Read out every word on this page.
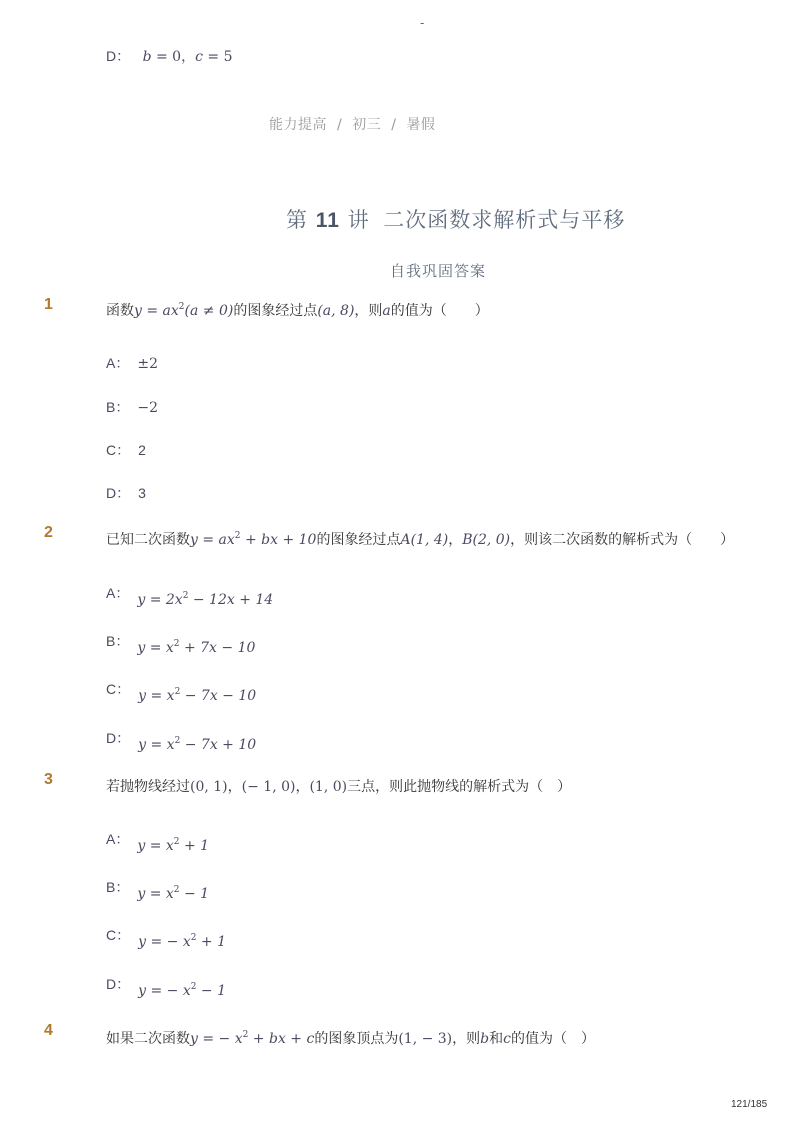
-
D： b = 0，c = 5
能力提高 / 初三 / 暑假
第 11 讲 二次函数求解析式与平移
自我巩固答案
1	函数$y = ax^2(a \ne 0)$的图象经过点(a, 8)，则a的值为（　　）
A： ±2
B： −2
C： 2
D： 3
2	已知二次函数$y = ax^2$ + bx + 10的图象经过点A(1, 4)，B(2, 0)，则该二次函数的解析式为（　　）
A： $y = 2x^2 - 12x + 14$
B： $y = x^2 + 7x - 10$
C： $y = x^2 - 7x - 10$
D： $y = x^2 - 7x + 10$
3	若抛物线经过(0, 1)，(− 1, 0)，(1, 0)三点，则此抛物线的解析式为（　）
A： $y = x^2 + 1$
B： $y = x^2 - 1$
C： y = − $x^2 + 1$
D： y = − $x^2 - 1$
4	如果二次函数y = − $x^2$ + bx + c的图象顶点为(1, − 3)，则b和c的值为（　）
121/185
